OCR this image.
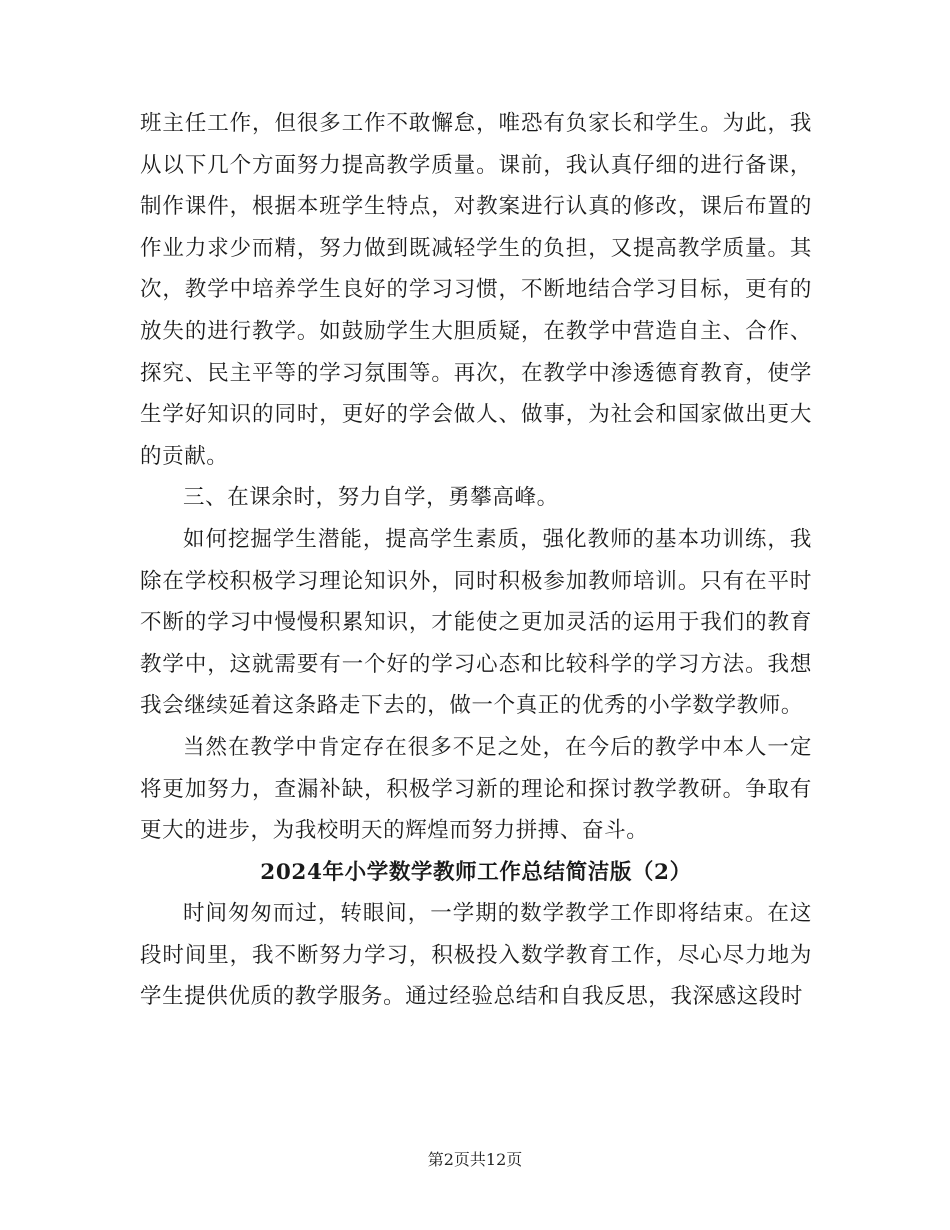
班主任工作，但很多工作不敢懈怠，唯恐有负家长和学生。为此，我从以下几个方面努力提高教学质量。课前，我认真仔细的进行备课，制作课件，根据本班学生特点，对教案进行认真的修改，课后布置的作业力求少而精，努力做到既减轻学生的负担，又提高教学质量。其次，教学中培养学生良好的学习习惯，不断地结合学习目标，更有的放失的进行教学。如鼓励学生大胆质疑，在教学中营造自主、合作、探究、民主平等的学习氛围等。再次，在教学中渗透德育教育，使学生学好知识的同时，更好的学会做人、做事，为社会和国家做出更大的贡献。

三、在课余时，努力自学，勇攀高峰。

如何挖掘学生潜能，提高学生素质，强化教师的基本功训练，我除在学校积极学习理论知识外，同时积极参加教师培训。只有在平时不断的学习中慢慢积累知识，才能使之更加灵活的运用于我们的教育教学中，这就需要有一个好的学习心态和比较科学的学习方法。我想我会继续延着这条路走下去的，做一个真正的优秀的小学数学教师。

当然在教学中肯定存在很多不足之处，在今后的教学中本人一定将更加努力，查漏补缺，积极学习新的理论和探讨教学教研。争取有更大的进步，为我校明天的辉煌而努力拼搏、奋斗。

2024年小学数学教师工作总结简洁版（2）

时间匆匆而过，转眼间，一学期的数学教学工作即将结束。在这段时间里，我不断努力学习，积极投入数学教育工作，尽心尽力地为学生提供优质的教学服务。通过经验总结和自我反思，我深感这段时

第2页共12页
